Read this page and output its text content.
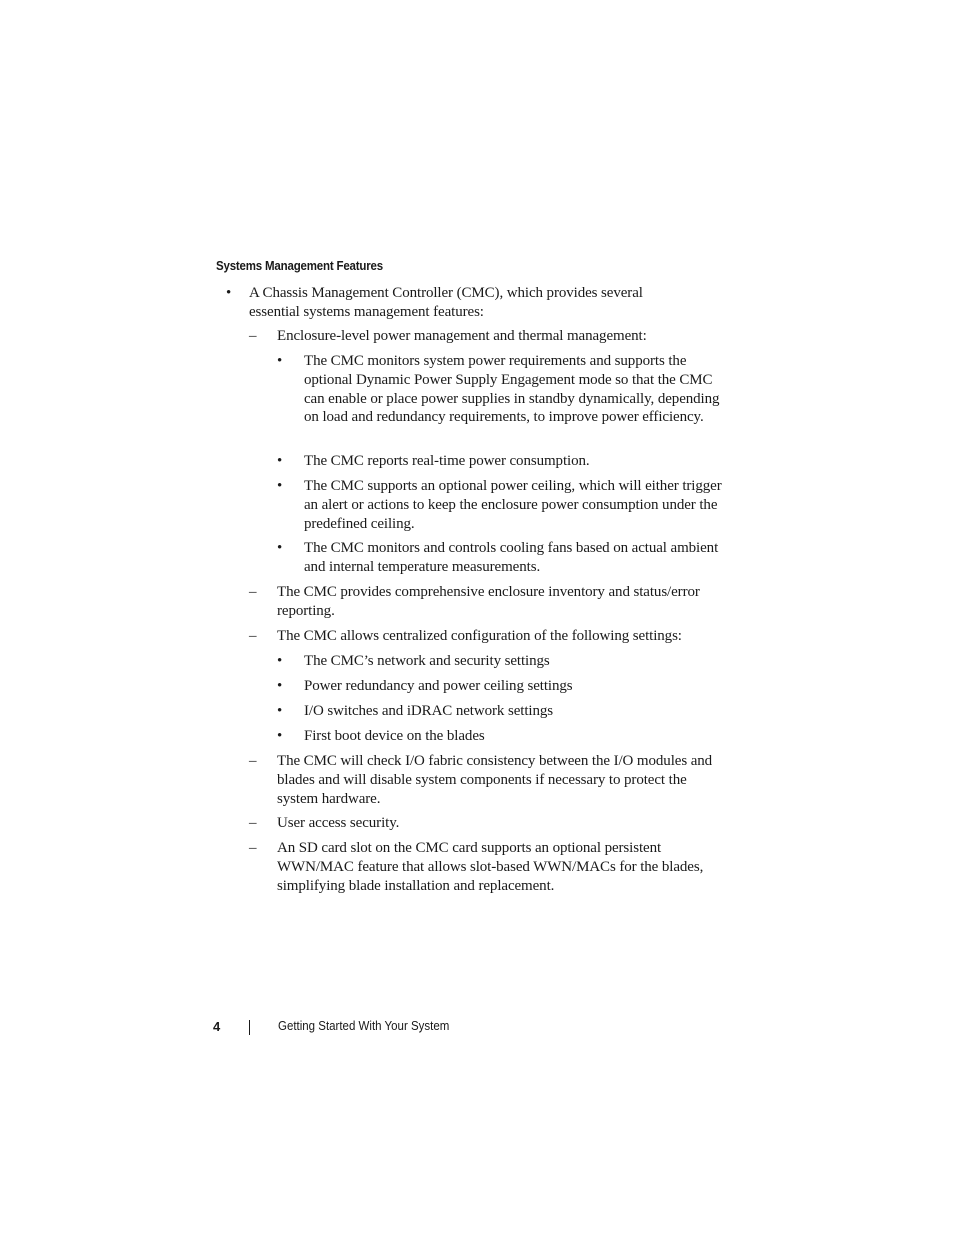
Systems Management Features
• A Chassis Management Controller (CMC), which provides several essential systems management features:
– Enclosure-level power management and thermal management:
• The CMC monitors system power requirements and supports the optional Dynamic Power Supply Engagement mode so that the CMC can enable or place power supplies in standby dynamically, depending on load and redundancy requirements, to improve power efficiency.
• The CMC reports real-time power consumption.
• The CMC supports an optional power ceiling, which will either trigger an alert or actions to keep the enclosure power consumption under the predefined ceiling.
• The CMC monitors and controls cooling fans based on actual ambient and internal temperature measurements.
– The CMC provides comprehensive enclosure inventory and status/error reporting.
– The CMC allows centralized configuration of the following settings:
• The CMC’s network and security settings
• Power redundancy and power ceiling settings
• I/O switches and iDRAC network settings
• First boot device on the blades
– The CMC will check I/O fabric consistency between the I/O modules and blades and will disable system components if necessary to protect the system hardware.
– User access security.
– An SD card slot on the CMC card supports an optional persistent WWN/MAC feature that allows slot-based WWN/MACs for the blades, simplifying blade installation and replacement.
4	Getting Started With Your System
